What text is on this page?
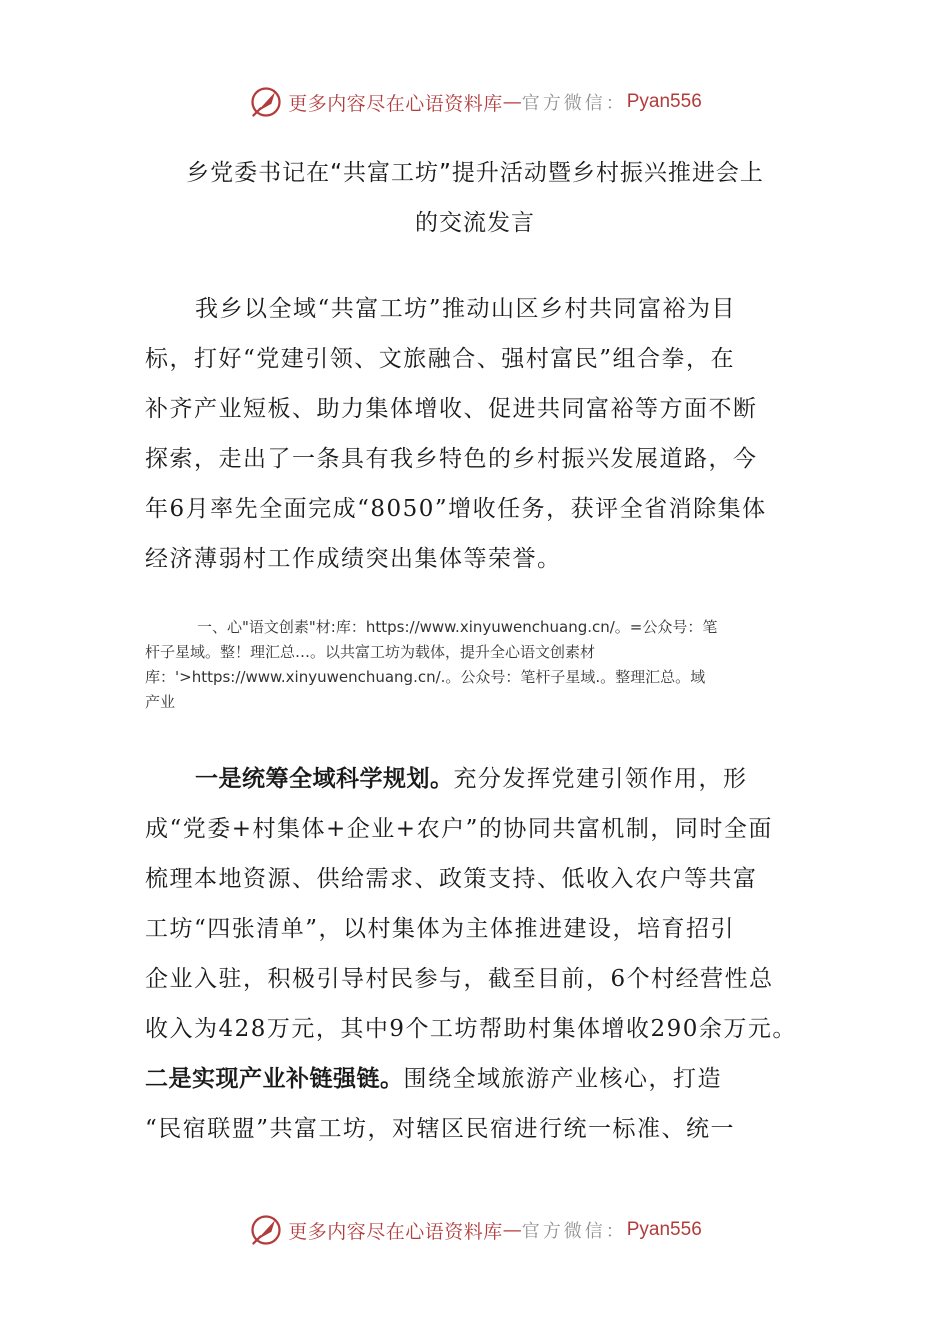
更多内容尽在心语资料库 — 官方微信： Pyan556
乡党委书记在“共富工坊”提升活动暨乡村振兴推进会上
的交流发言
我乡以全域“共富工坊”推动山区乡村共同富裕为目
标，打好“党建引领、文旅融合、强村富民”组合拳，在
补齐产业短板、助力集体增收、促进共同富裕等方面不断
探索，走出了一条具有我乡特色的乡村振兴发展道路，今
年6月率先全面完成“8050”增收任务，获评全省消除集体
经济薄弱村工作成绩突出集体等荣誉。
一、心"语文创素"材:库：https://www.xinyuwenchuang.cn/。=公众号：笔
杆子星域。整！理汇总…。以共富工坊为载体，提升全心语文创素材
库：'>https://www.xinyuwenchuang.cn/.。公众号：笔杆子星域.。整理汇总。域
产业
一是统筹全域科学规划。充分发挥党建引领作用，形
成“党委+村集体+企业+农户”的协同共富机制，同时全面
梳理本地资源、供给需求、政策支持、低收入农户等共富
工坊“四张清单”，以村集体为主体推进建设，培育招引
企业入驻，积极引导村民参与，截至目前，6个村经营性总
收入为428万元，其中9个工坊帮助村集体增收290余万元。
二是实现产业补链强链。围绕全域旅游产业核心，打造
“民宿联盟”共富工坊，对辖区民宿进行统一标准、统一
更多内容尽在心语资料库 — 官方微信： Pyan556
